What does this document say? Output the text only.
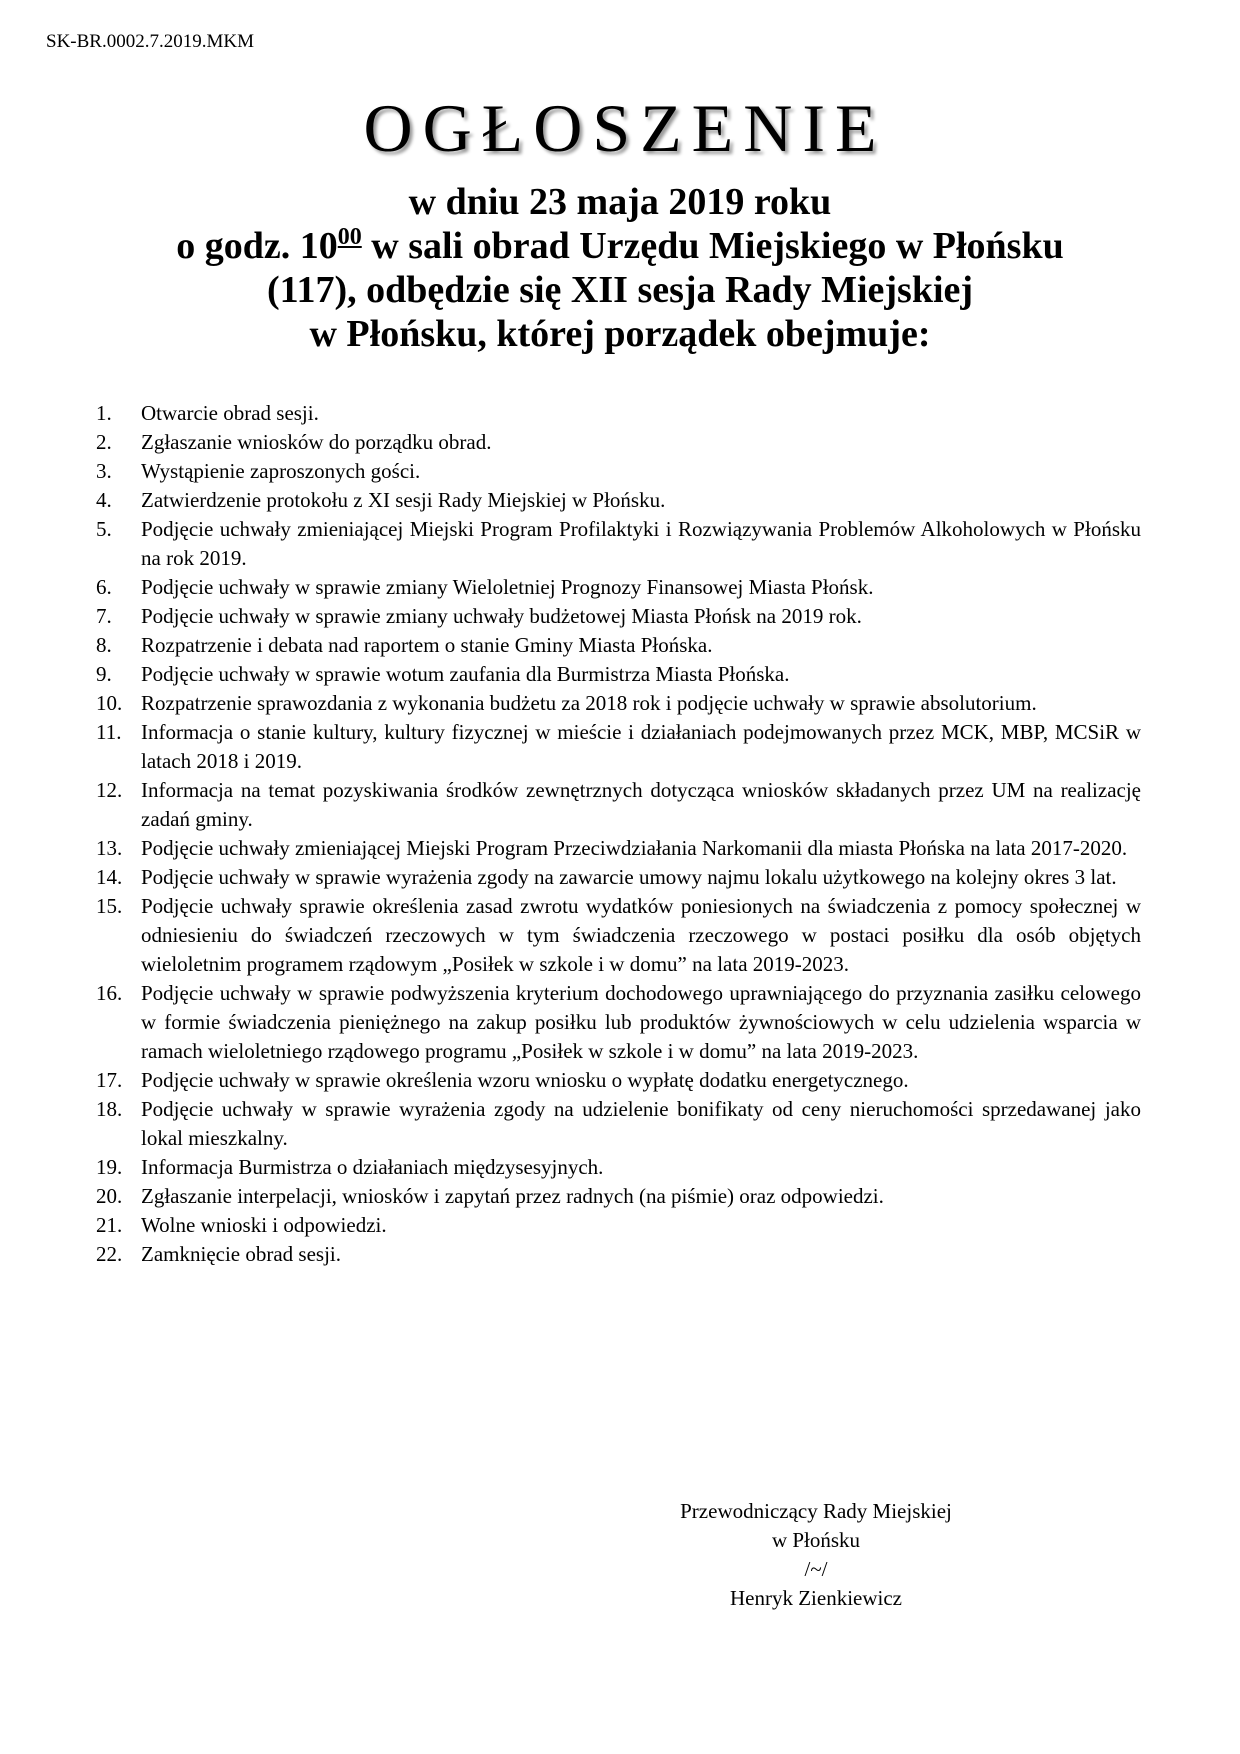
SK-BR.0002.7.2019.MKM
OGŁOSZENIE
w dniu 23 maja 2019 roku
o godz. $10^{00}$ w sali obrad Urzędu Miejskiego w Płońsku
(117), odbędzie się XII sesja Rady Miejskiej
w Płońsku, której porządek obejmuje:
1.	Otwarcie obrad sesji.
2.	Zgłaszanie wniosków do porządku obrad.
3.	Wystąpienie zaproszonych gości.
4.	Zatwierdzenie protokołu z XI sesji Rady Miejskiej w Płońsku.
5.	Podjęcie uchwały zmieniającej Miejski Program Profilaktyki i Rozwiązywania Problemów Alkoholowych w Płońsku na rok 2019.
6.	Podjęcie uchwały w sprawie zmiany Wieloletniej Prognozy Finansowej Miasta Płońsk.
7.	Podjęcie uchwały w sprawie zmiany uchwały budżetowej Miasta Płońsk na 2019 rok.
8.	Rozpatrzenie i debata nad raportem o stanie Gminy Miasta Płońska.
9.	Podjęcie uchwały w sprawie wotum zaufania dla Burmistrza Miasta Płońska.
10. Rozpatrzenie sprawozdania z wykonania budżetu za 2018 rok i podjęcie uchwały w sprawie absolutorium.
11. Informacja o stanie kultury, kultury fizycznej w mieście i działaniach podejmowanych przez MCK, MBP, MCSiR w latach 2018 i 2019.
12. Informacja na temat pozyskiwania środków zewnętrznych dotycząca wniosków składanych przez UM na realizację zadań gminy.
13. Podjęcie uchwały zmieniającej Miejski Program Przeciwdziałania Narkomanii dla miasta Płońska na lata 2017-2020.
14. Podjęcie uchwały w sprawie wyrażenia zgody na zawarcie umowy najmu lokalu użytkowego na kolejny okres 3 lat.
15. Podjęcie uchwały sprawie określenia zasad zwrotu wydatków poniesionych na świadczenia z pomocy społecznej w odniesieniu do świadczeń rzeczowych w tym świadczenia rzeczowego w postaci posiłku dla osób objętych wieloletnim programem rządowym „Posiłek w szkole i w domu” na lata 2019-2023.
16. Podjęcie uchwały w sprawie podwyższenia kryterium dochodowego uprawniającego do przyznania zasiłku celowego w formie świadczenia pieniężnego na zakup posiłku lub produktów żywnościowych w celu udzielenia wsparcia w ramach wieloletniego rządowego programu „Posiłek w szkole i w domu” na lata 2019-2023.
17. Podjęcie uchwały w sprawie określenia wzoru wniosku o wypłatę dodatku energetycznego.
18. Podjęcie uchwały w sprawie wyrażenia zgody na udzielenie bonifikaty od ceny nieruchomości sprzedawanej jako lokal mieszkalny.
19. Informacja Burmistrza o działaniach międzysesyjnych.
20. Zgłaszanie interpelacji, wniosków i zapytań przez radnych (na piśmie) oraz odpowiedzi.
21. Wolne wnioski i odpowiedzi.
22. Zamknięcie obrad sesji.
Przewodniczący Rady Miejskiej
w Płońsku
/~/
Henryk Zienkiewicz
